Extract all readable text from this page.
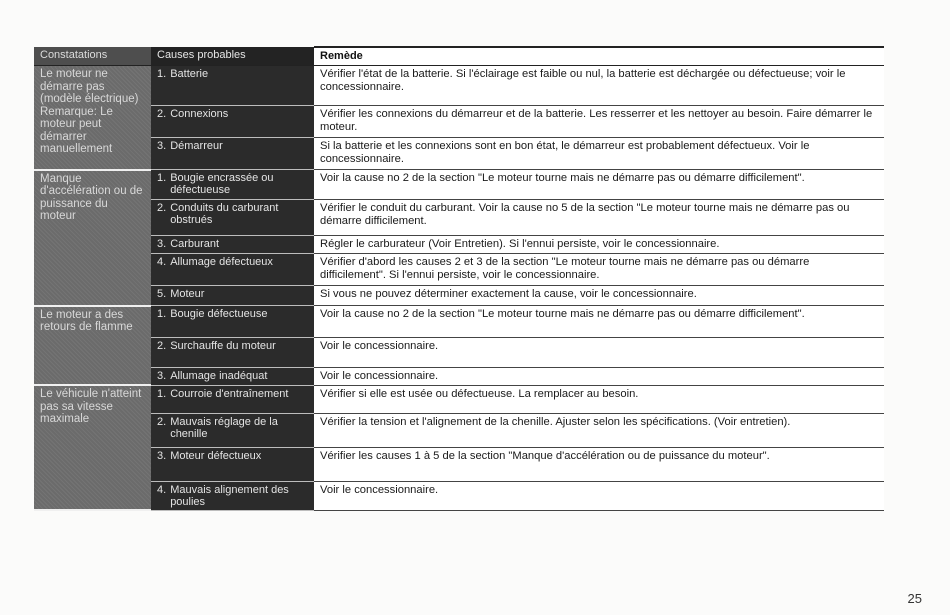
Constatations	Causes probables	Remède
Le moteur ne démarre pas (modèle électrique) Remarque: Le moteur peut démarrer manuellement	1. Batterie	Vérifier l'état de la batterie. Si l'éclairage est faible ou nul, la batterie est déchargée ou défectueuse; voir le concessionnaire.

	2. Connexions	Vérifier les connexions du démarreur et de la batterie. Les resserrer et les nettoyer au besoin. Faire démarrer le moteur.

	3. Démarreur	Si la batterie et les connexions sont en bon état, le démarreur est probablement défectueux. Voir le concessionnaire.
Manque d'accélération ou de puissance du moteur	1. Bougie encrassée ou défectueuse	Voir la cause no 2 de la section "Le moteur tourne mais ne démarre pas ou démarre difficilement".

	2. Conduits du carburant obstrués	Vérifier le conduit du carburant. Voir la cause no 5 de la section "Le moteur tourne mais ne démarre pas ou démarre difficilement.

	3. Carburant	Régler le carburateur (Voir Entretien). Si l'ennui persiste, voir le concessionnaire.

	4. Allumage défectueux	Vérifier d'abord les causes 2 et 3 de la section "Le moteur tourne mais ne démarre pas ou démarre difficilement". Si l'ennui persiste, voir le concessionnaire.

	5. Moteur	Si vous ne pouvez déterminer exactement la cause, voir le concessionnaire.
Le moteur a des retours de flamme	1. Bougie défectueuse	Voir la cause no 2 de la section "Le moteur tourne mais ne démarre pas ou démarre difficilement".

	2. Surchauffe du moteur	Voir le concessionnaire.

	3. Allumage inadéquat	Voir le concessionnaire.
Le véhicule n'atteint pas sa vitesse maximale	1. Courroie d'entraînement	Vérifier si elle est usée ou défectueuse. La remplacer au besoin.

	2. Mauvais réglage de la chenille	Vérifier la tension et l'alignement de la chenille. Ajuster selon les spécifications. (Voir entretien).

	3. Moteur défectueux	Vérifier les causes 1 à 5 de la section "Manque d'accélération ou de puissance du moteur".

	4. Mauvais alignement des poulies	Voir le concessionnaire.
25
